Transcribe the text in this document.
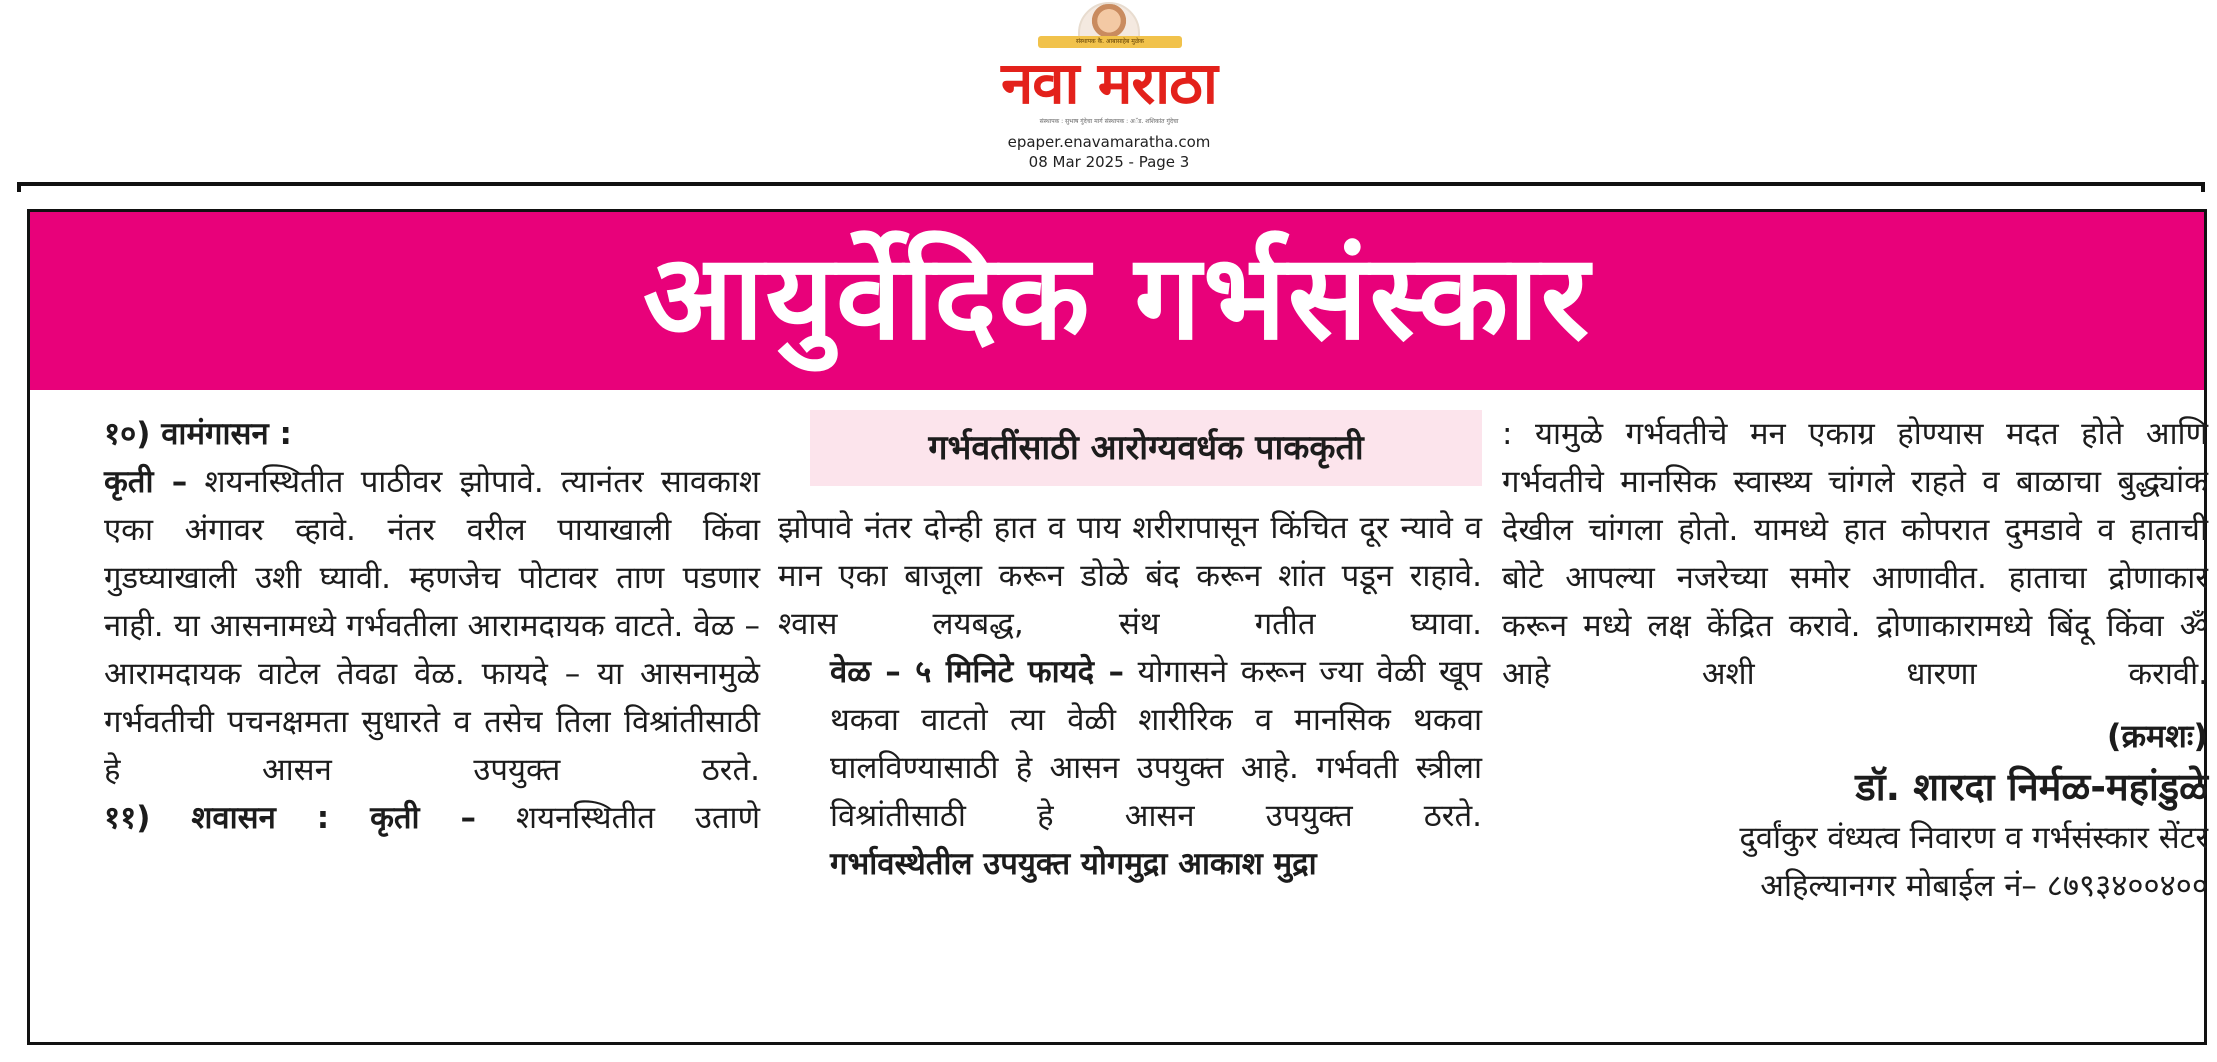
संस्थापक कै. आबासाहेब मुळेक
नवा मराठा
संस्थापक : सुभाष गुंदेचा मार्ग संस्थापक : अॅड. शशिकांत गुंदेचा
epaper.enavamaratha.com
08 Mar 2025 - Page 3
आयुर्वेदिक गर्भसंस्कार

१०) वामंगासन :

कृती – शयनस्थितीत पाठीवर झोपावे. त्यानंतर सावकाश एका अंगावर व्हावे. नंतर वरील पायाखाली किंवा गुडघ्याखाली उशी घ्यावी. म्हणजेच पोटावर ताण पडणार नाही. या आसनामध्ये गर्भवतीला आरामदायक वाटते. वेळ – आरामदायक वाटेल तेवढा वेळ. फायदे – या आसनामुळे गर्भवतीची पचनक्षमता सुधारते व तसेच तिला विश्रांतीसाठी हे आसन उपयुक्त ठरते.

११) शवासन : कृती – शयनस्थितीत उताणे

गर्भवतींसाठी आरोग्यवर्धक पाककृती

झोपावे नंतर दोन्ही हात व पाय शरीरापासून किंचित दूर न्यावे व मान एका बाजूला करून डोळे बंद करून शांत पडून राहावे. श्वास लयबद्ध, संथ गतीत घ्यावा.

वेळ – ५ मिनिटे फायदे – योगासने करून ज्या वेळी खूप थकवा वाटतो त्या वेळी शारीरिक व मानसिक थकवा घालविण्यासाठी हे आसन उपयुक्त आहे. गर्भवती स्त्रीला विश्रांतीसाठी हे आसन उपयुक्त ठरते.

गर्भावस्थेतील उपयुक्त योगमुद्रा आकाश मुद्रा

: यामुळे गर्भवतीचे मन एकाग्र होण्यास मदत होते आणि गर्भवतीचे मानसिक स्वास्थ्य चांगले राहते व बाळाचा बुद्ध्यांक देखील चांगला होतो. यामध्ये हात कोपरात दुमडावे व हाताची बोटे आपल्या नजरेच्या समोर आणावीत. हाताचा द्रोणाकार करून मध्ये लक्ष केंद्रित करावे. द्रोणाकारामध्ये बिंदू किंवा ॐ आहे अशी धारणा करावी.

(क्रमशः)

डॉ. शारदा निर्मळ-महांडुळे

दुर्वांकुर वंध्यत्व निवारण व गर्भसंस्कार सेंटर

अहिल्यानगर मोबाईल नं– ८७९३४००४००
